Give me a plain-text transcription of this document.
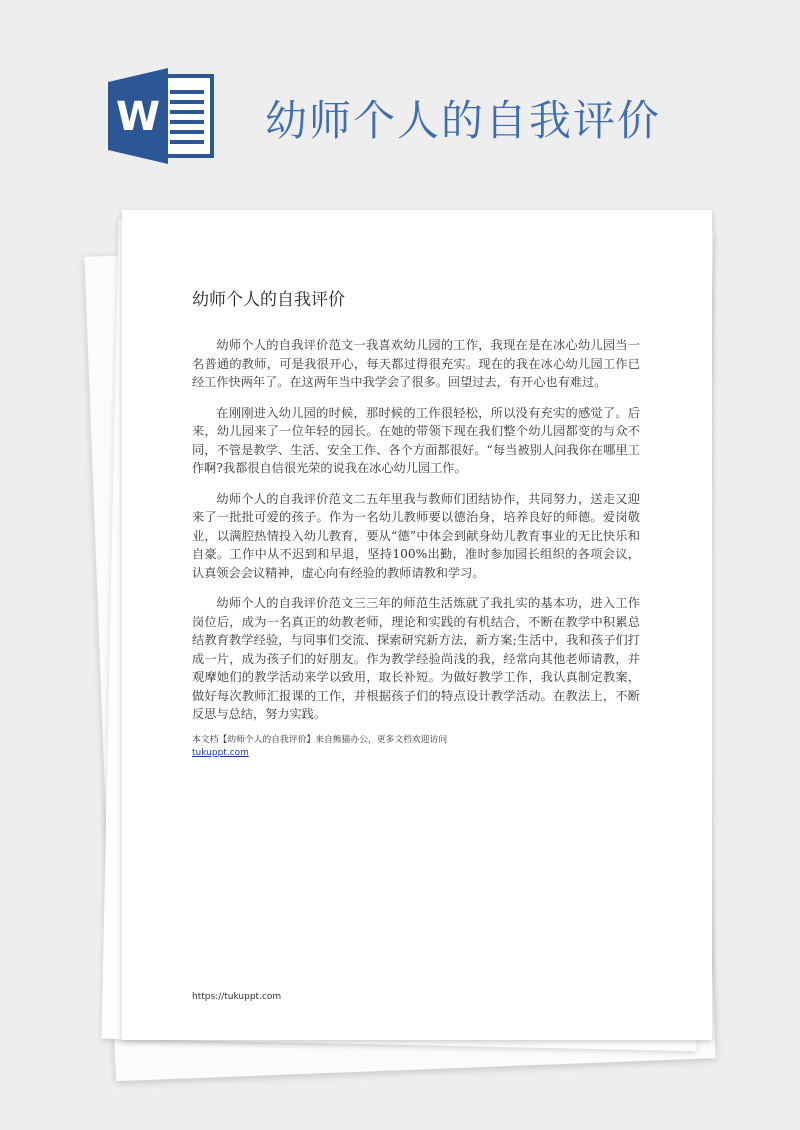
W 幼师个人的自我评价
幼师个人的自我评价

幼师个人的自我评价范文一我喜欢幼儿园的工作，我现在是在冰心幼儿园当一名普通的教师，可是我很开心，每天都过得很充实。现在的我在冰心幼儿园工作已经工作快两年了。在这两年当中我学会了很多。回望过去，有开心也有难过。

在刚刚进入幼儿园的时候，那时候的工作很轻松，所以没有充实的感觉了。后来，幼儿园来了一位年轻的园长。在她的带领下现在我们整个幼儿园都变的与众不同，不管是教学、生活、安全工作、各个方面都很好。“每当被别人问我你在哪里工作啊?我都很自信很光荣的说我在冰心幼儿园工作。

幼师个人的自我评价范文二五年里我与教师们团结协作，共同努力，送走又迎来了一批批可爱的孩子。作为一名幼儿教师要以德治身，培养良好的师德。爱岗敬业，以满腔热情投入幼儿教育，要从“德”中体会到献身幼儿教育事业的无比快乐和自豪。工作中从不迟到和早退，坚持100%出勤，准时参加园长组织的各项会议，认真领会会议精神，虚心向有经验的教师请教和学习。

幼师个人的自我评价范文三三年的师范生活炼就了我扎实的基本功，进入工作岗位后，成为一名真正的幼教老师，理论和实践的有机结合，不断在教学中积累总结教育教学经验，与同事们交流、探索研究新方法，新方案;生活中，我和孩子们打成一片，成为孩子们的好朋友。作为教学经验尚浅的我，经常向其他老师请教，并观摩她们的教学活动来学以致用，取长补短。为做好教学工作，我认真制定教案，做好每次教师汇报课的工作，并根据孩子们的特点设计教学活动。在教法上，不断反思与总结，努力实践。

本文档【幼师个人的自我评价】来自熊猫办公，更多文档欢迎访问
tukuppt.com
https://tukuppt.com
